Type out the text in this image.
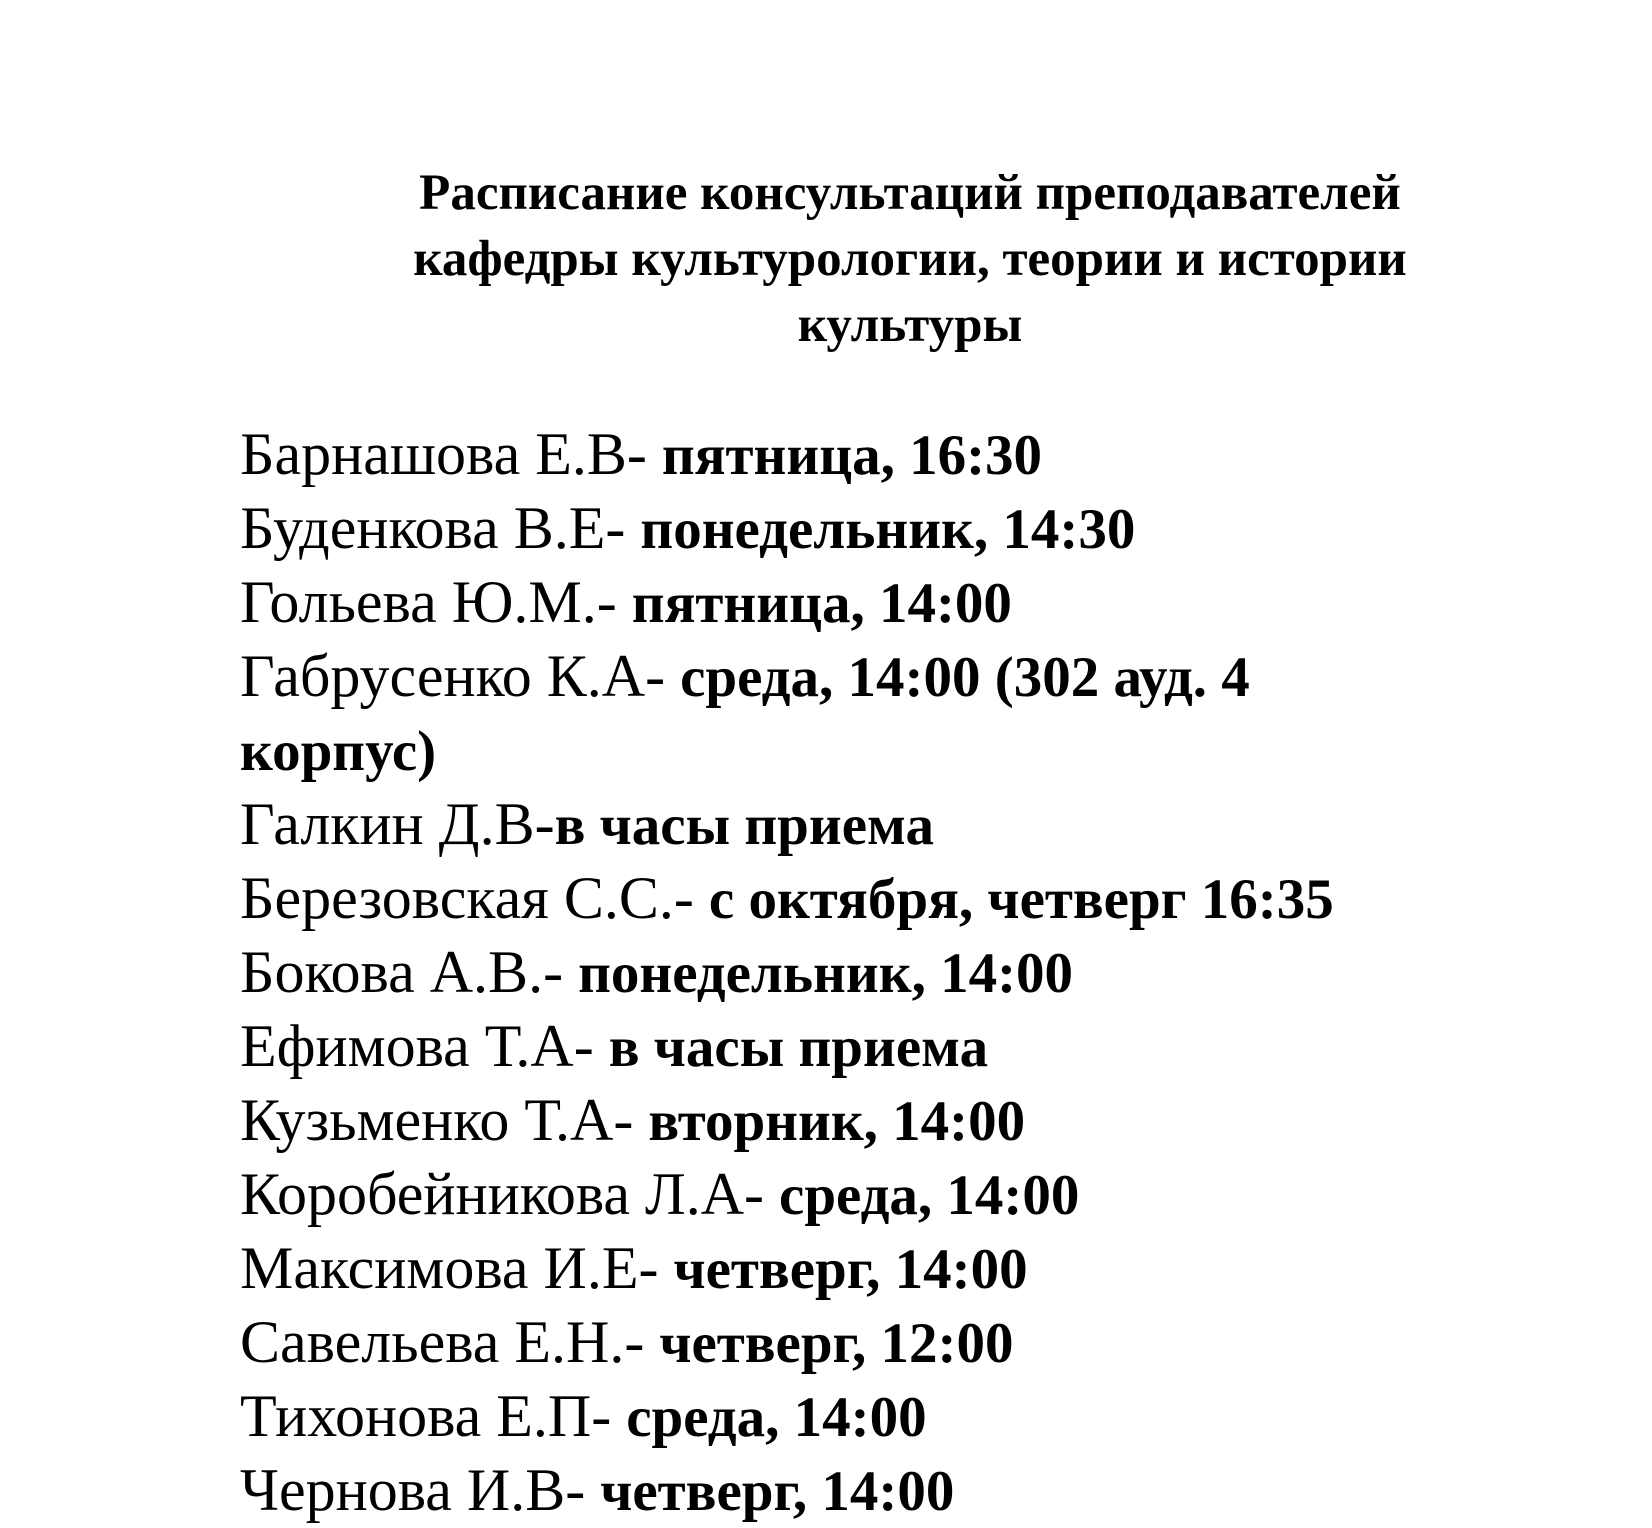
Расписание консультаций преподавателей
кафедры культурологии, теории и истории
культуры
Барнашова Е.В- пятница, 16:30
Буденкова В.Е- понедельник, 14:30
Гольева Ю.М.- пятница, 14:00
Габрусенко К.А- среда, 14:00 (302 ауд. 4 корпус)
Галкин Д.В-в часы приема
Березовская С.С.- с октября, четверг 16:35
Бокова А.В.- понедельник, 14:00
Ефимова Т.А- в часы приема
Кузьменко Т.А- вторник, 14:00
Коробейникова Л.А- среда, 14:00
Максимова И.Е- четверг, 14:00
Савельева Е.Н.- четверг, 12:00
Тихонова Е.П- среда, 14:00
Чернова И.В- четверг, 14:00
